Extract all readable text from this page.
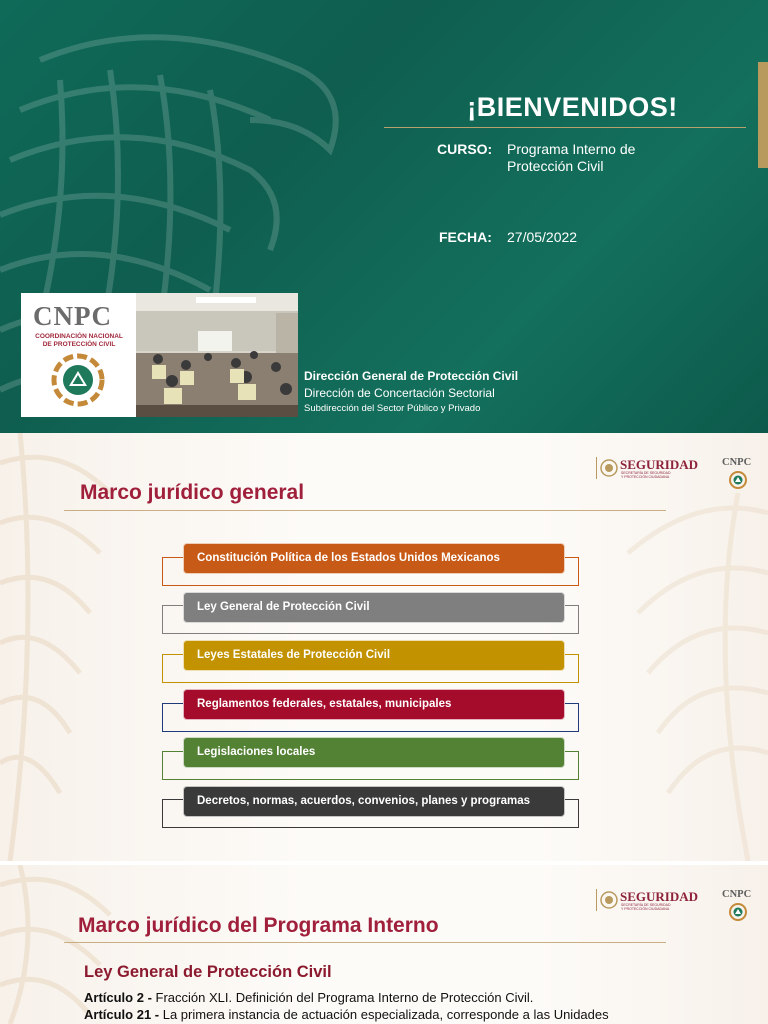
¡BIENVENIDOS!
CURSO: Programa Interno de
Protección Civil
FECHA: 27/05/2022
CNPC
COORDINACIÓN NACIONAL
DE PROTECCIÓN CIVIL
Dirección General de Protección Civil
Dirección de Concertación Sectorial
Subdirección del Sector Público y Privado
SEGURIDAD
SECRETARÍA DE SEGURIDAD
Y PROTECCIÓN CIUDADANA
CNPC
Marco jurídico general
Constitución Política de los Estados Unidos Mexicanos
Ley General de Protección Civil
Leyes Estatales de Protección Civil
Reglamentos federales, estatales, municipales
Legislaciones locales
Decretos, normas, acuerdos, convenios, planes y programas
SEGURIDAD
SECRETARÍA DE SEGURIDAD
Y PROTECCIÓN CIUDADANA
CNPC
Marco jurídico del Programa Interno
Ley General de Protección Civil
Artículo 2 - Fracción XLI. Definición del Programa Interno de Protección Civil.
Artículo 21 - La primera instancia de actuación especializada, corresponde a las Unidades
